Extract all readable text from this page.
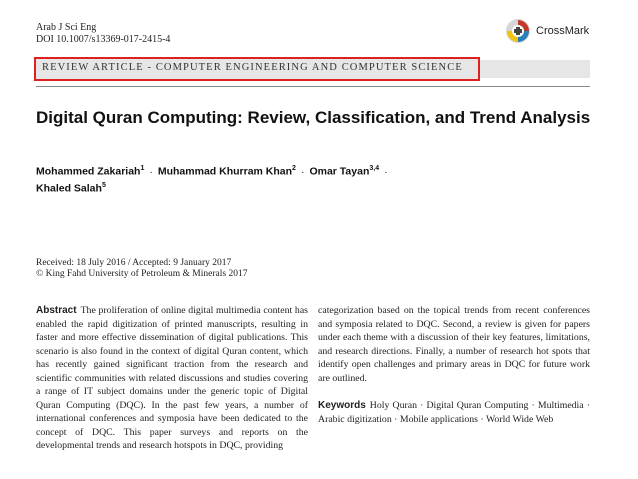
Arab J Sci Eng
DOI 10.1007/s13369-017-2415-4
CrossMark
REVIEW ARTICLE - COMPUTER ENGINEERING AND COMPUTER SCIENCE
Digital Quran Computing: Review, Classification, and Trend Analysis
Mohammed Zakariah$^1$ · Muhammad Khurram Khan$^2$ · Omar Tayan$^{3,4}$ ·
Khaled Salah$^5$
Received: 18 July 2016 / Accepted: 9 January 2017
© King Fahd University of Petroleum & Minerals 2017
Abstract The proliferation of online digital multimedia content has enabled the rapid digitization of printed manuscripts, resulting in faster and more effective dissemination of digital publications. This scenario is also found in the context of digital Quran content, which has recently gained significant traction from the research and scientific communities with related discussions and studies covering a range of IT subject domains under the generic topic of Digital Quran Computing (DQC). In the past few years, a number of international conferences and symposia have been dedicated to the concept of DQC. This paper surveys and reports on the developmental trends and research hotspots in DQC, providing
categorization based on the topical trends from recent conferences and symposia related to DQC. Second, a review is given for papers under each theme with a discussion of their key features, limitations, and research directions. Finally, a number of research hot spots that identify open challenges and primary areas in DQC for future work are outlined.
Keywords Holy Quran · Digital Quran Computing · Multimedia · Arabic digitization · Mobile applications · World Wide Web
